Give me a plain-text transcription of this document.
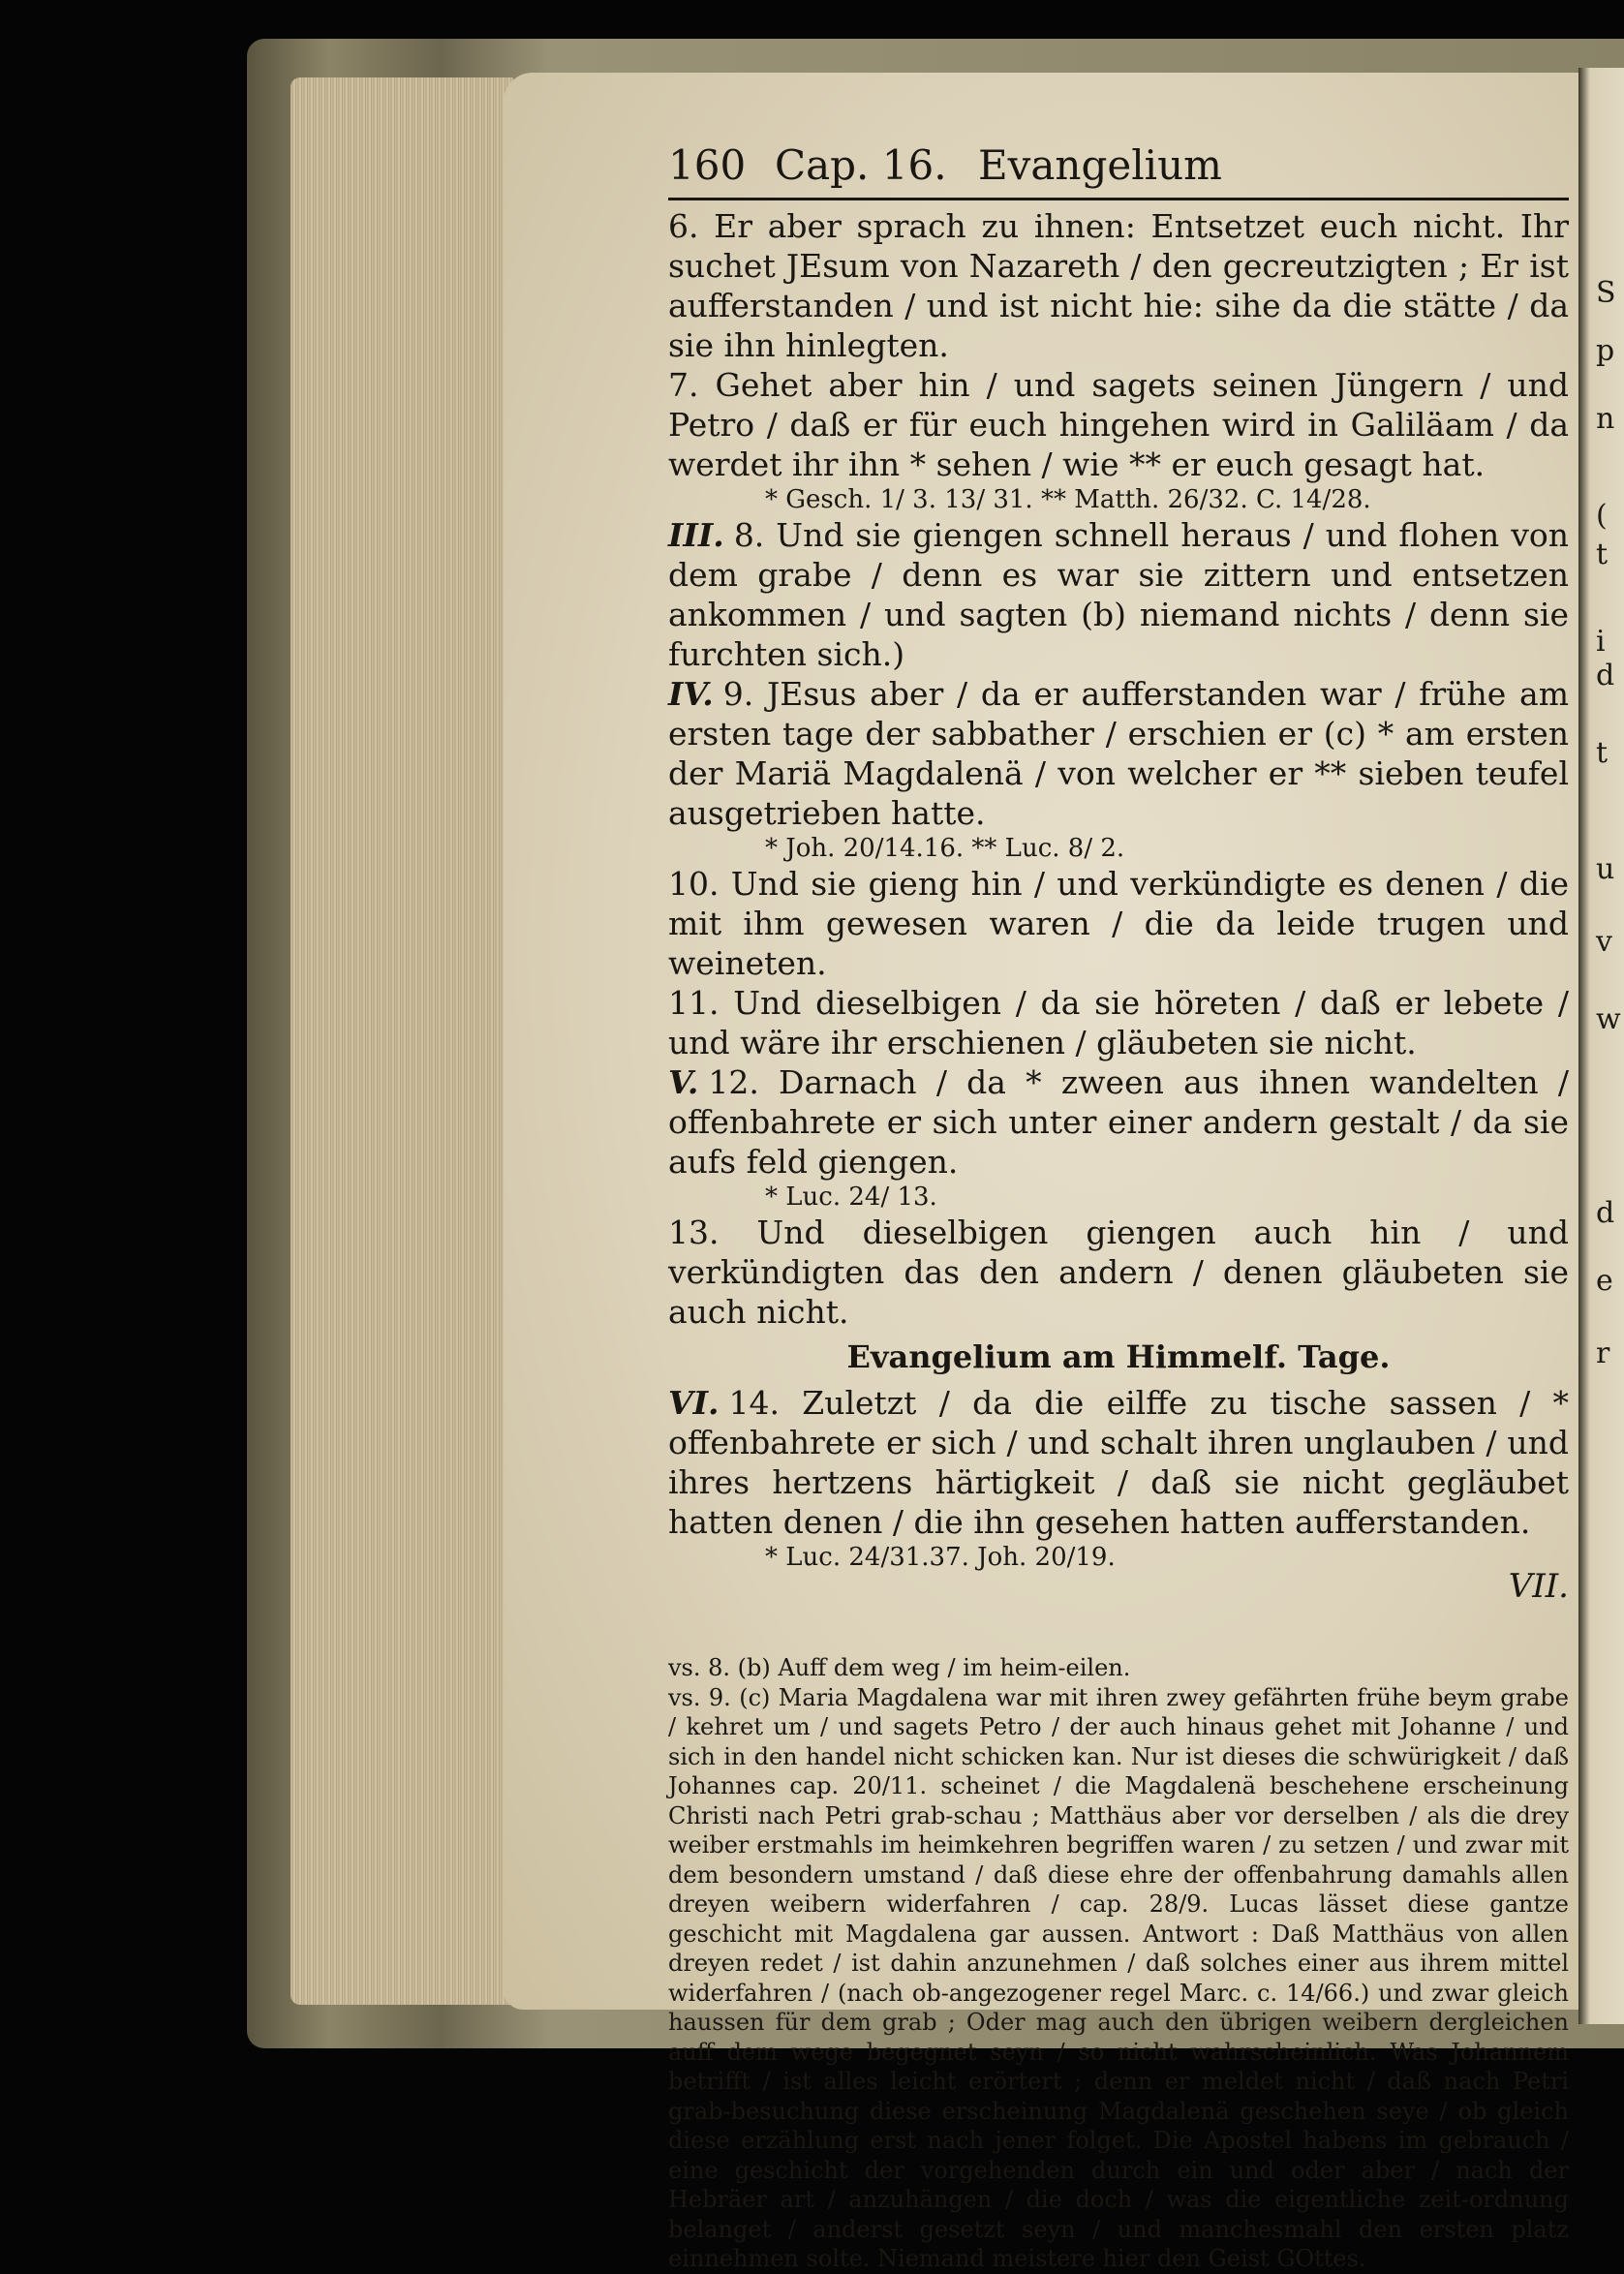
S
p
n
(
t
i
d
t
u
v
w
d
e
r
160 Cap. 16. Evangelium
6. Er aber sprach zu ihnen: Entsetzet euch nicht. Ihr suchet JEsum von Nazareth / den gecreutzigten ; Er ist aufferstanden / und ist nicht hie: sihe da die stätte / da sie ihn hinlegten.
7. Gehet aber hin / und sagets seinen Jüngern / und Petro / daß er für euch hingehen wird in Galiläam / da werdet ihr ihn * sehen / wie ** er euch gesagt hat.
* Gesch. 1/ 3. 13/ 31. ** Matth. 26/32. C. 14/28.
III. 8. Und sie giengen schnell heraus / und flohen von dem grabe / denn es war sie zittern und entsetzen ankommen / und sagten (b) niemand nichts / denn sie furchten sich.)
IV. 9. JEsus aber / da er aufferstanden war / frühe am ersten tage der sabbather / erschien er (c) * am ersten der Mariä Magdalenä / von welcher er ** sieben teufel ausgetrieben hatte.
* Joh. 20/14.16. ** Luc. 8/ 2.
10. Und sie gieng hin / und verkündigte es denen / die mit ihm gewesen waren / die da leide trugen und weineten.
11. Und dieselbigen / da sie höreten / daß er lebete / und wäre ihr erschienen / gläubeten sie nicht.
V. 12. Darnach / da * zween aus ihnen wandelten / offenbahrete er sich unter einer andern gestalt / da sie aufs feld giengen.
* Luc. 24/ 13.
13. Und dieselbigen giengen auch hin / und verkündigten das den andern / denen gläubeten sie auch nicht.
Evangelium am Himmelf. Tage.
VI. 14. Zuletzt / da die eilffe zu tische sassen / * offenbahrete er sich / und schalt ihren unglauben / und ihres hertzens härtigkeit / daß sie nicht gegläubet hatten denen / die ihn gesehen hatten aufferstanden.
* Luc. 24/31.37. Joh. 20/19.
VII.

vs. 8. (b) Auff dem weg / im heim-eilen.

vs. 9. (c) Maria Magdalena war mit ihren zwey gefährten frühe beym grabe / kehret um / und sagets Petro / der auch hinaus gehet mit Johanne / und sich in den handel nicht schicken kan. Nur ist dieses die schwürigkeit / daß Johannes cap. 20/11. scheinet / die Magdalenä beschehene erscheinung Christi nach Petri grab-schau ; Matthäus aber vor derselben / als die drey weiber erstmahls im heimkehren begriffen waren / zu setzen / und zwar mit dem besondern umstand / daß diese ehre der offenbahrung damahls allen dreyen weibern widerfahren / cap. 28/9. Lucas lässet diese gantze geschicht mit Magdalena gar aussen. Antwort : Daß Matthäus von allen dreyen redet / ist dahin anzunehmen / daß solches einer aus ihrem mittel widerfahren / (nach ob-angezogener regel Marc. c. 14/66.) und zwar gleich haussen für dem grab ; Oder mag auch den übrigen weibern dergleichen auff dem wege begegnet seyn / so nicht wahrscheinlich. Was Johannem betrifft / ist alles leicht erörtert ; denn er meldet nicht / daß nach Petri grab-besuchung diese erscheinung Magdalenä geschehen seye / ob gleich diese erzählung erst nach jener folget. Die Apostel habens im gebrauch / eine geschicht der vorgehenden durch ein und oder aber / nach der Hebräer art / anzuhängen / die doch / was die eigentliche zeit-ordnung belanget / anderst gesetzt seyn / und manchesmahl den ersten platz einnehmen solte. Niemand meistere hier den Geist GOttes.
